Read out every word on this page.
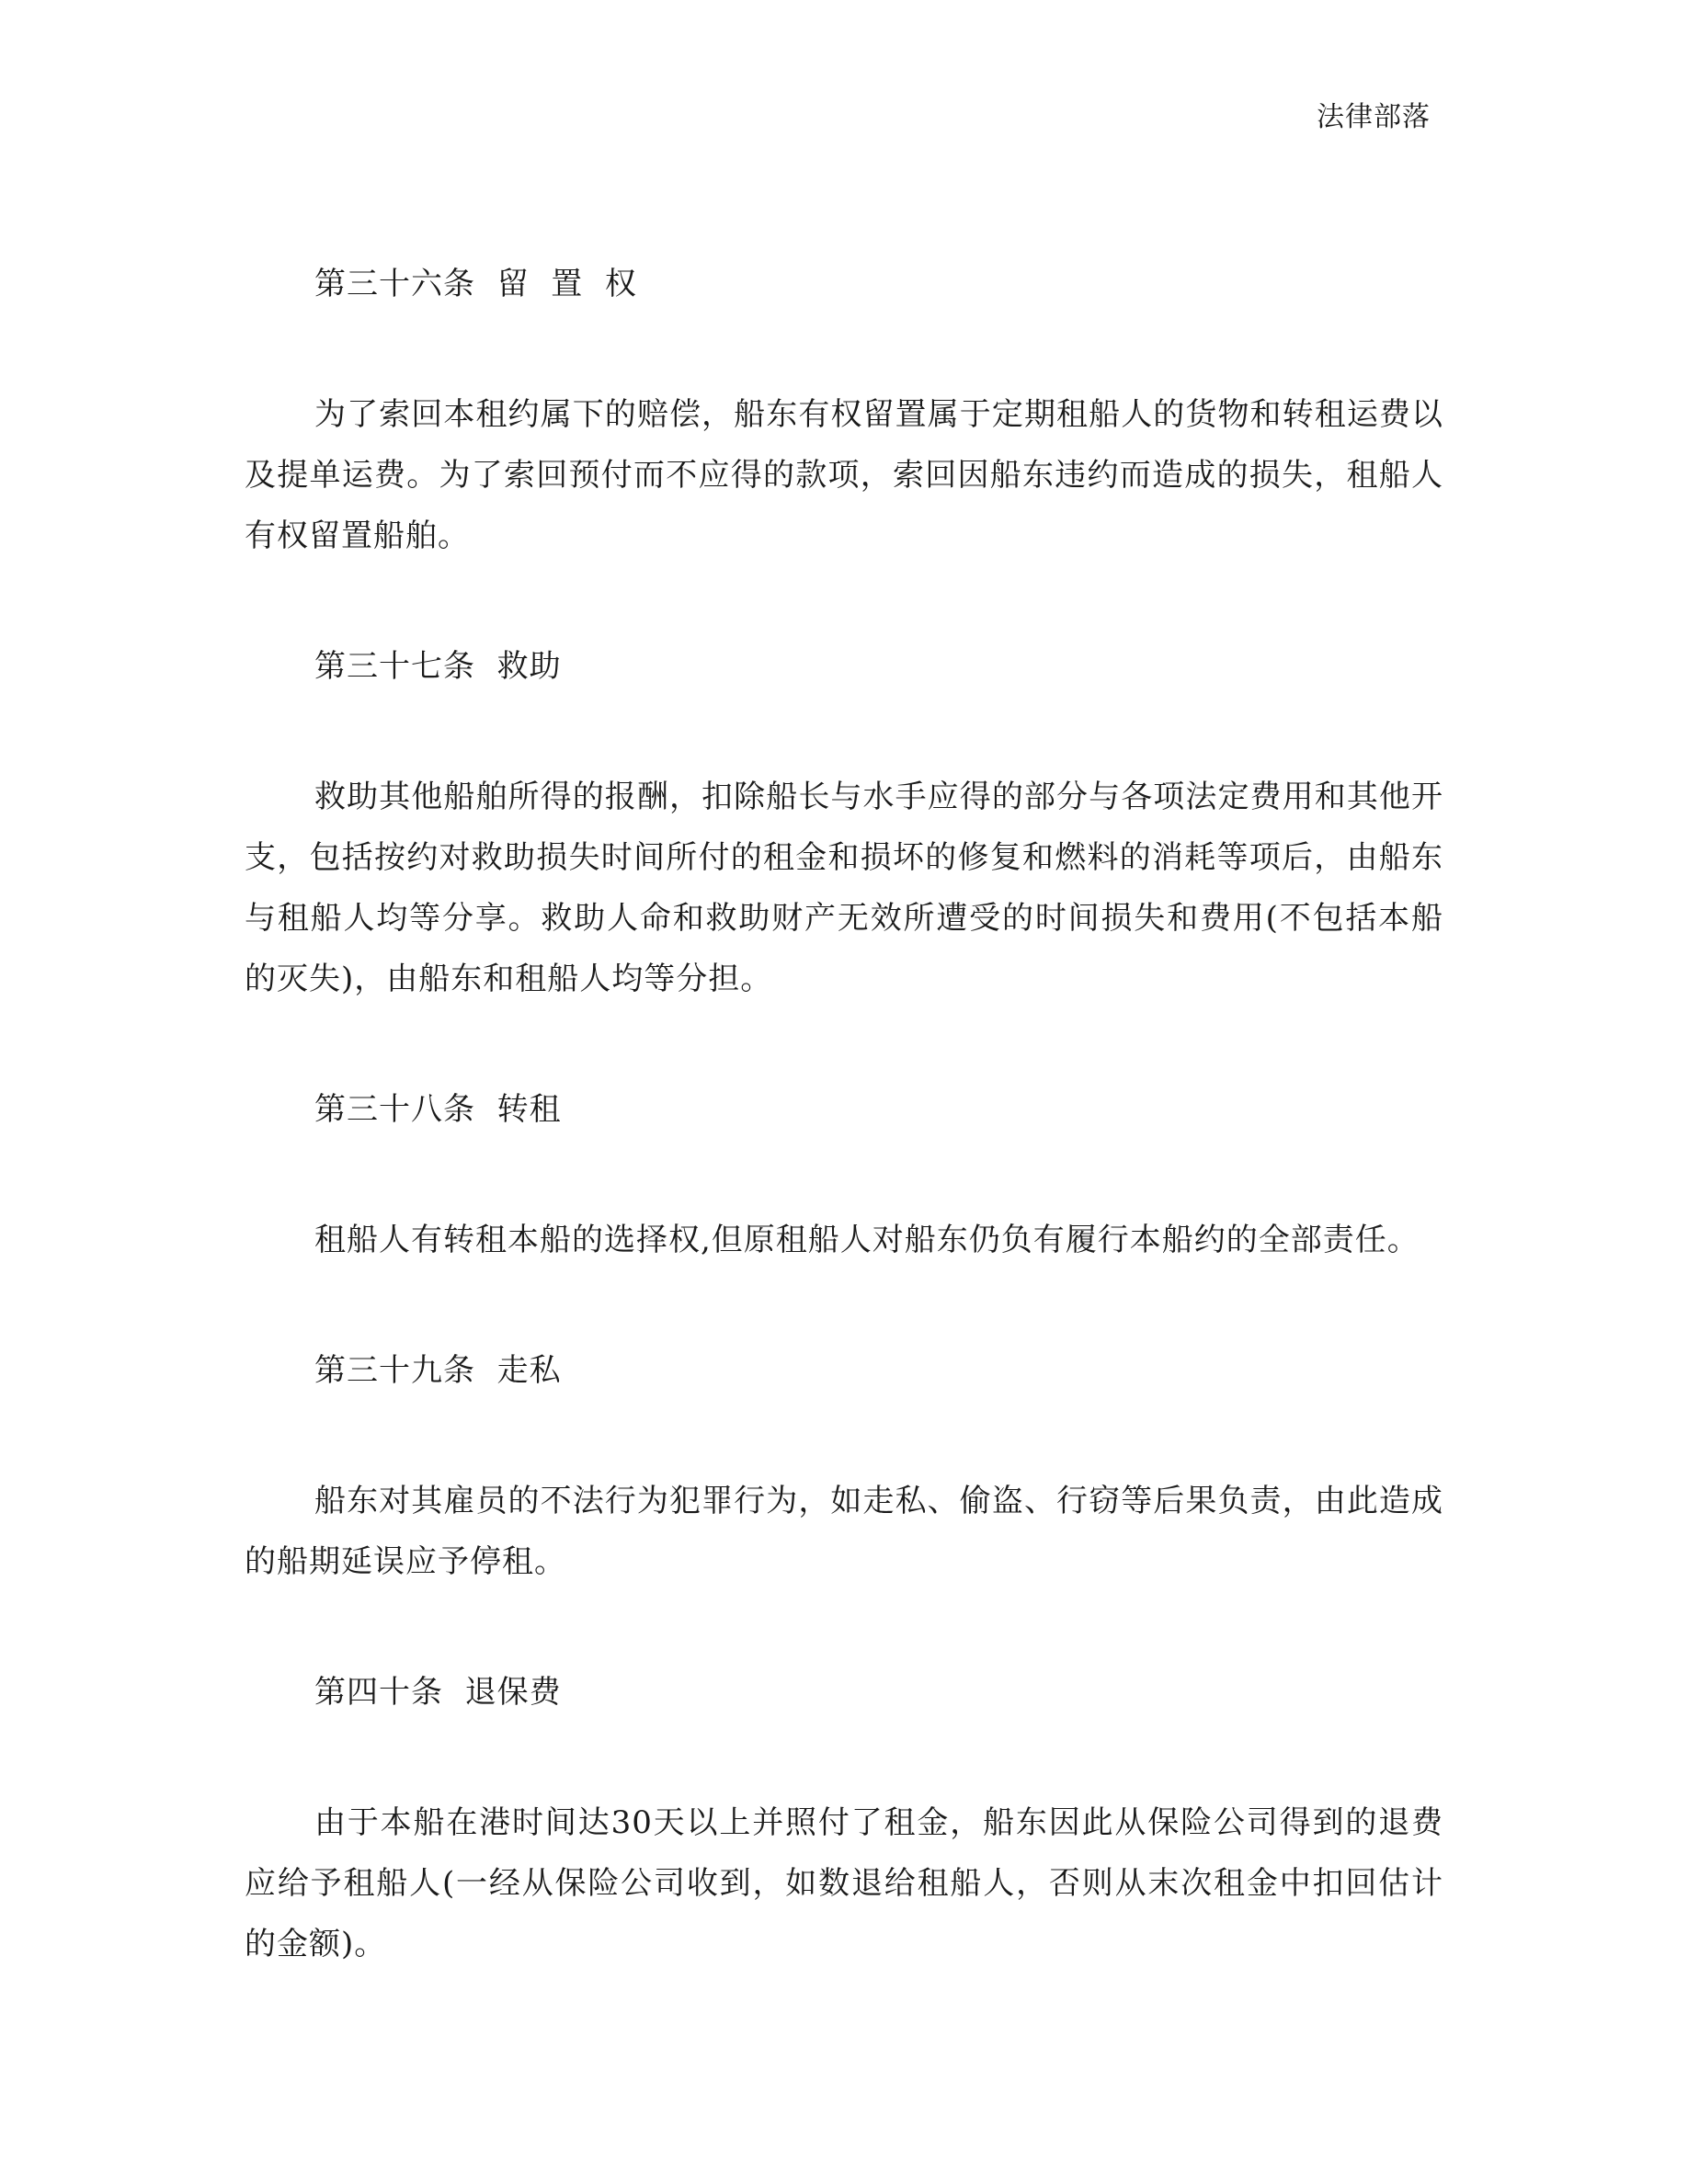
法律部落
第三十六条  留  置  权
为了索回本租约属下的赔偿，船东有权留置属于定期租船人的货物和转租运费以及提单运费。为了索回预付而不应得的款项，索回因船东违约而造成的损失，租船人有权留置船舶。
第三十七条  救助
救助其他船舶所得的报酬，扣除船长与水手应得的部分与各项法定费用和其他开支，包括按约对救助损失时间所付的租金和损坏的修复和燃料的消耗等项后，由船东与租船人均等分享。救助人命和救助财产无效所遭受的时间损失和费用(不包括本船的灭失)，由船东和租船人均等分担。
第三十八条  转租
租船人有转租本船的选择权,但原租船人对船东仍负有履行本船约的全部责任。
第三十九条  走私
船东对其雇员的不法行为犯罪行为，如走私、偷盗、行窃等后果负责，由此造成的船期延误应予停租。
第四十条  退保费
由于本船在港时间达30天以上并照付了租金，船东因此从保险公司得到的退费应给予租船人(一经从保险公司收到，如数退给租船人，否则从末次租金中扣回估计的金额)。
